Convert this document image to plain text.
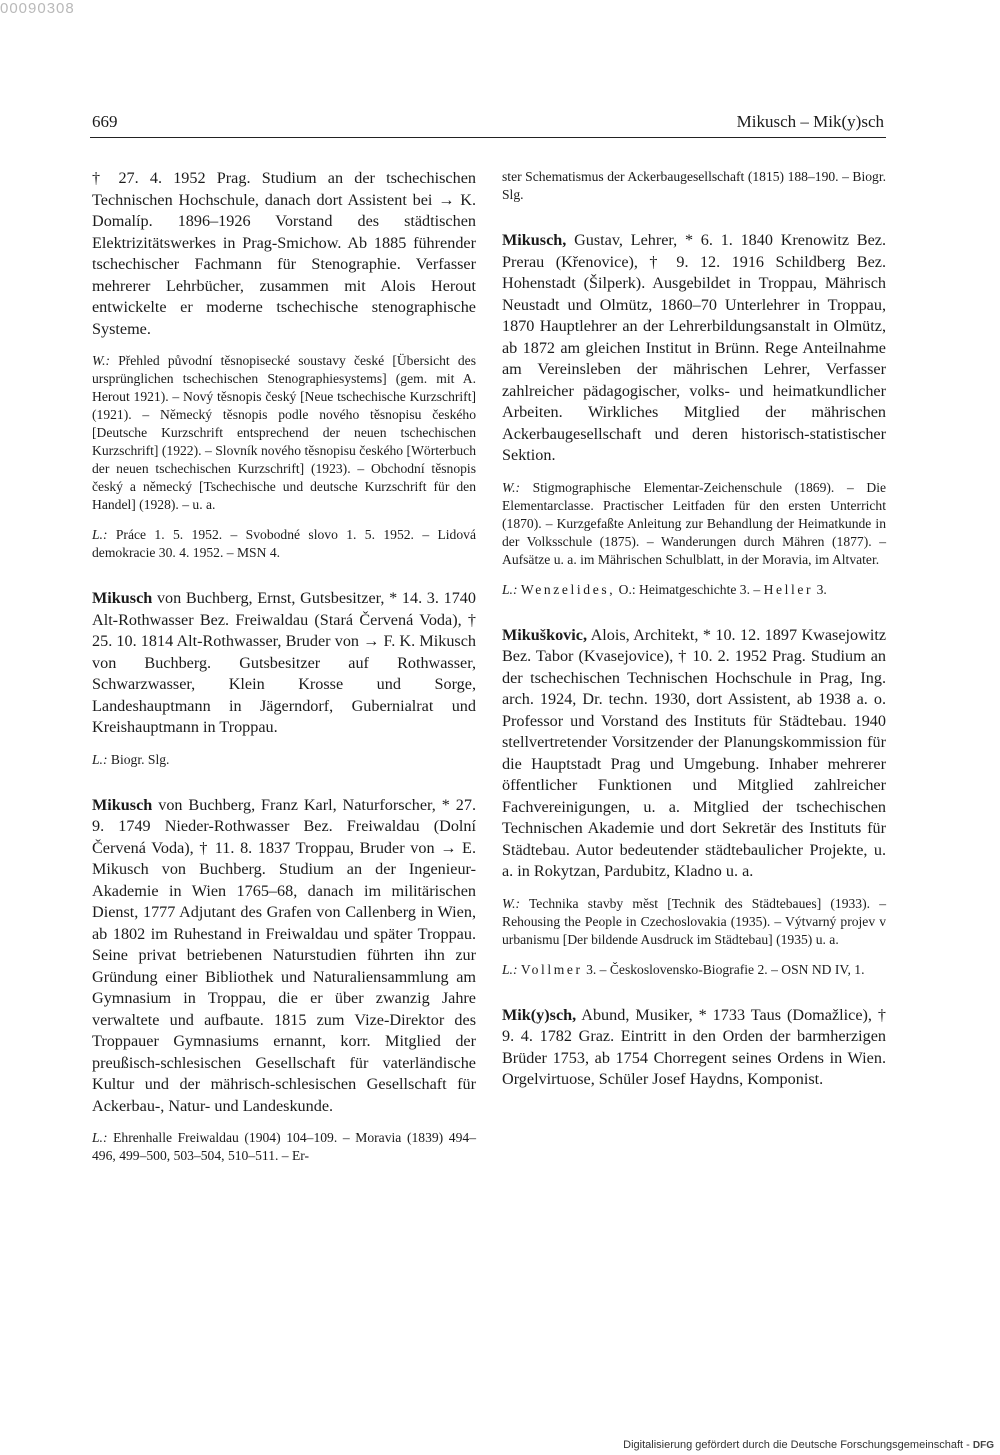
00090308
669	Mikusch – Mik(y)sch

† 27. 4. 1952 Prag. Studium an der tschechischen Technischen Hochschule, danach dort Assistent bei → K. Domalíp. 1896–1926 Vorstand des städtischen Elektrizitätswerkes in Prag-Smichow. Ab 1885 führender tschechischer Fachmann für Stenographie. Verfasser mehrerer Lehrbücher, zusammen mit Alois Herout entwickelte er moderne tschechische stenographische Systeme.

W.: Přehled původní těsnopisecké soustavy české [Übersicht des ursprünglichen tschechischen Stenographiesystems] (gem. mit A. Herout 1921). – Nový těsnopis český [Neue tschechische Kurzschrift] (1921). – Německý těsnopis podle nového těsnopisu českého [Deutsche Kurzschrift entsprechend der neuen tschechischen Kurzschrift] (1922). – Slovník nového těsnopisu českého [Wörterbuch der neuen tschechischen Kurzschrift] (1923). – Obchodní těsnopis český a německý [Tschechische und deutsche Kurzschrift für den Handel] (1928). – u. a.

L.: Práce 1. 5. 1952. – Svobodné slovo 1. 5. 1952. – Lidová demokracie 30. 4. 1952. – MSN 4.

Mikusch von Buchberg, Ernst, Gutsbesitzer, * 14. 3. 1740 Alt-Rothwasser Bez. Freiwaldau (Stará Červená Voda), † 25. 10. 1814 Alt-Rothwasser, Bruder von → F. K. Mikusch von Buchberg. Gutsbesitzer auf Rothwasser, Schwarzwasser, Klein Krosse und Sorge, Landeshauptmann in Jägerndorf, Gubernialrat und Kreishauptmann in Troppau.

L.: Biogr. Slg.

Mikusch von Buchberg, Franz Karl, Naturforscher, * 27. 9. 1749 Nieder-Rothwasser Bez. Freiwaldau (Dolní Červená Voda), † 11. 8. 1837 Troppau, Bruder von → E. Mikusch von Buchberg. Studium an der Ingenieur-Akademie in Wien 1765–68, danach im militärischen Dienst, 1777 Adjutant des Grafen von Callenberg in Wien, ab 1802 im Ruhestand in Freiwaldau und später Troppau. Seine privat betriebenen Naturstudien führten ihn zur Gründung einer Bibliothek und Naturaliensammlung am Gymnasium in Troppau, die er über zwanzig Jahre verwaltete und aufbaute. 1815 zum Vize-Direktor des Troppauer Gymnasiums ernannt, korr. Mitglied der preußisch-schlesischen Gesellschaft für vaterländische Kultur und der mährisch-schlesischen Gesellschaft für Ackerbau-, Natur- und Landeskunde.

L.: Ehrenhalle Freiwaldau (1904) 104–109. – Moravia (1839) 494–496, 499–500, 503–504, 510–511. – Er-

ster Schematismus der Ackerbaugesellschaft (1815) 188–190. – Biogr. Slg.

Mikusch, Gustav, Lehrer, * 6. 1. 1840 Krenowitz Bez. Prerau (Křenovice), † 9. 12. 1916 Schildberg Bez. Hohenstadt (Šilperk). Ausgebildet in Troppau, Mährisch Neustadt und Olmütz, 1860–70 Unterlehrer in Troppau, 1870 Hauptlehrer an der Lehrerbildungsanstalt in Olmütz, ab 1872 am gleichen Institut in Brünn. Rege Anteilnahme am Vereinsleben der mährischen Lehrer, Verfasser zahlreicher pädagogischer, volks- und heimatkundlicher Arbeiten. Wirkliches Mitglied der mährischen Ackerbaugesellschaft und deren historisch-statistischer Sektion.

W.: Stigmographische Elementar-Zeichenschule (1869). – Die Elementarclasse. Practischer Leitfaden für den ersten Unterricht (1870). – Kurzgefaßte Anleitung zur Behandlung der Heimatkunde in der Volksschule (1875). – Wanderungen durch Mähren (1877). – Aufsätze u. a. im Mährischen Schulblatt, in der Moravia, im Altvater.

L.: Wenzelides, O.: Heimatgeschichte 3. – Heller 3.

Mikuškovic, Alois, Architekt, * 10. 12. 1897 Kwasejowitz Bez. Tabor (Kvasejovice), † 10. 2. 1952 Prag. Studium an der tschechischen Technischen Hochschule in Prag, Ing. arch. 1924, Dr. techn. 1930, dort Assistent, ab 1938 a. o. Professor und Vorstand des Instituts für Städtebau. 1940 stellvertretender Vorsitzender der Planungskommission für die Hauptstadt Prag und Umgebung. Inhaber mehrerer öffentlicher Funktionen und Mitglied zahlreicher Fachvereinigungen, u. a. Mitglied der tschechischen Technischen Akademie und dort Sekretär des Instituts für Städtebau. Autor bedeutender städtebaulicher Projekte, u. a. in Rokytzan, Pardubitz, Kladno u. a.

W.: Technika stavby měst [Technik des Städtebaues] (1933). – Rehousing the People in Czechoslovakia (1935). – Výtvarný projev v urbanismu [Der bildende Ausdruck im Städtebau] (1935) u. a.

L.: Vollmer 3. – Československo-Biografie 2. – OSN ND IV, 1.

Mik(y)sch, Abund, Musiker, * 1733 Taus (Domažlice), † 9. 4. 1782 Graz. Eintritt in den Orden der barmherzigen Brüder 1753, ab 1754 Chorregent seines Ordens in Wien. Orgelvirtuose, Schüler Josef Haydns, Komponist.

Digitalisierung gefördert durch die Deutsche Forschungsgemeinschaft - DFG
